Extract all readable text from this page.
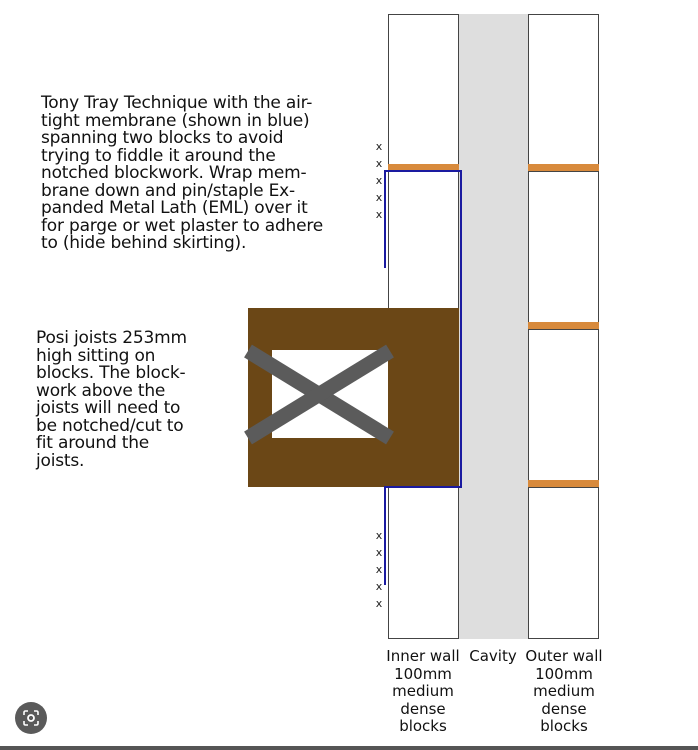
Tony Tray Technique with the air-
tight membrane (shown in blue)
spanning two blocks to avoid
trying to fiddle it around the
notched blockwork. Wrap mem-
brane down and pin/staple Ex-
panded Metal Lath (EML) over it
for parge or wet plaster to adhere
to (hide behind skirting).
Posi joists 253mm
high sitting on
blocks. The block-
work above the
joists will need to
be notched/cut to
fit around the
joists.
x
x
x
x
x
x
x
x
x
x
Inner wall
100mm
medium
dense
blocks
Cavity Outer wall
100mm
medium
dense
blocks
